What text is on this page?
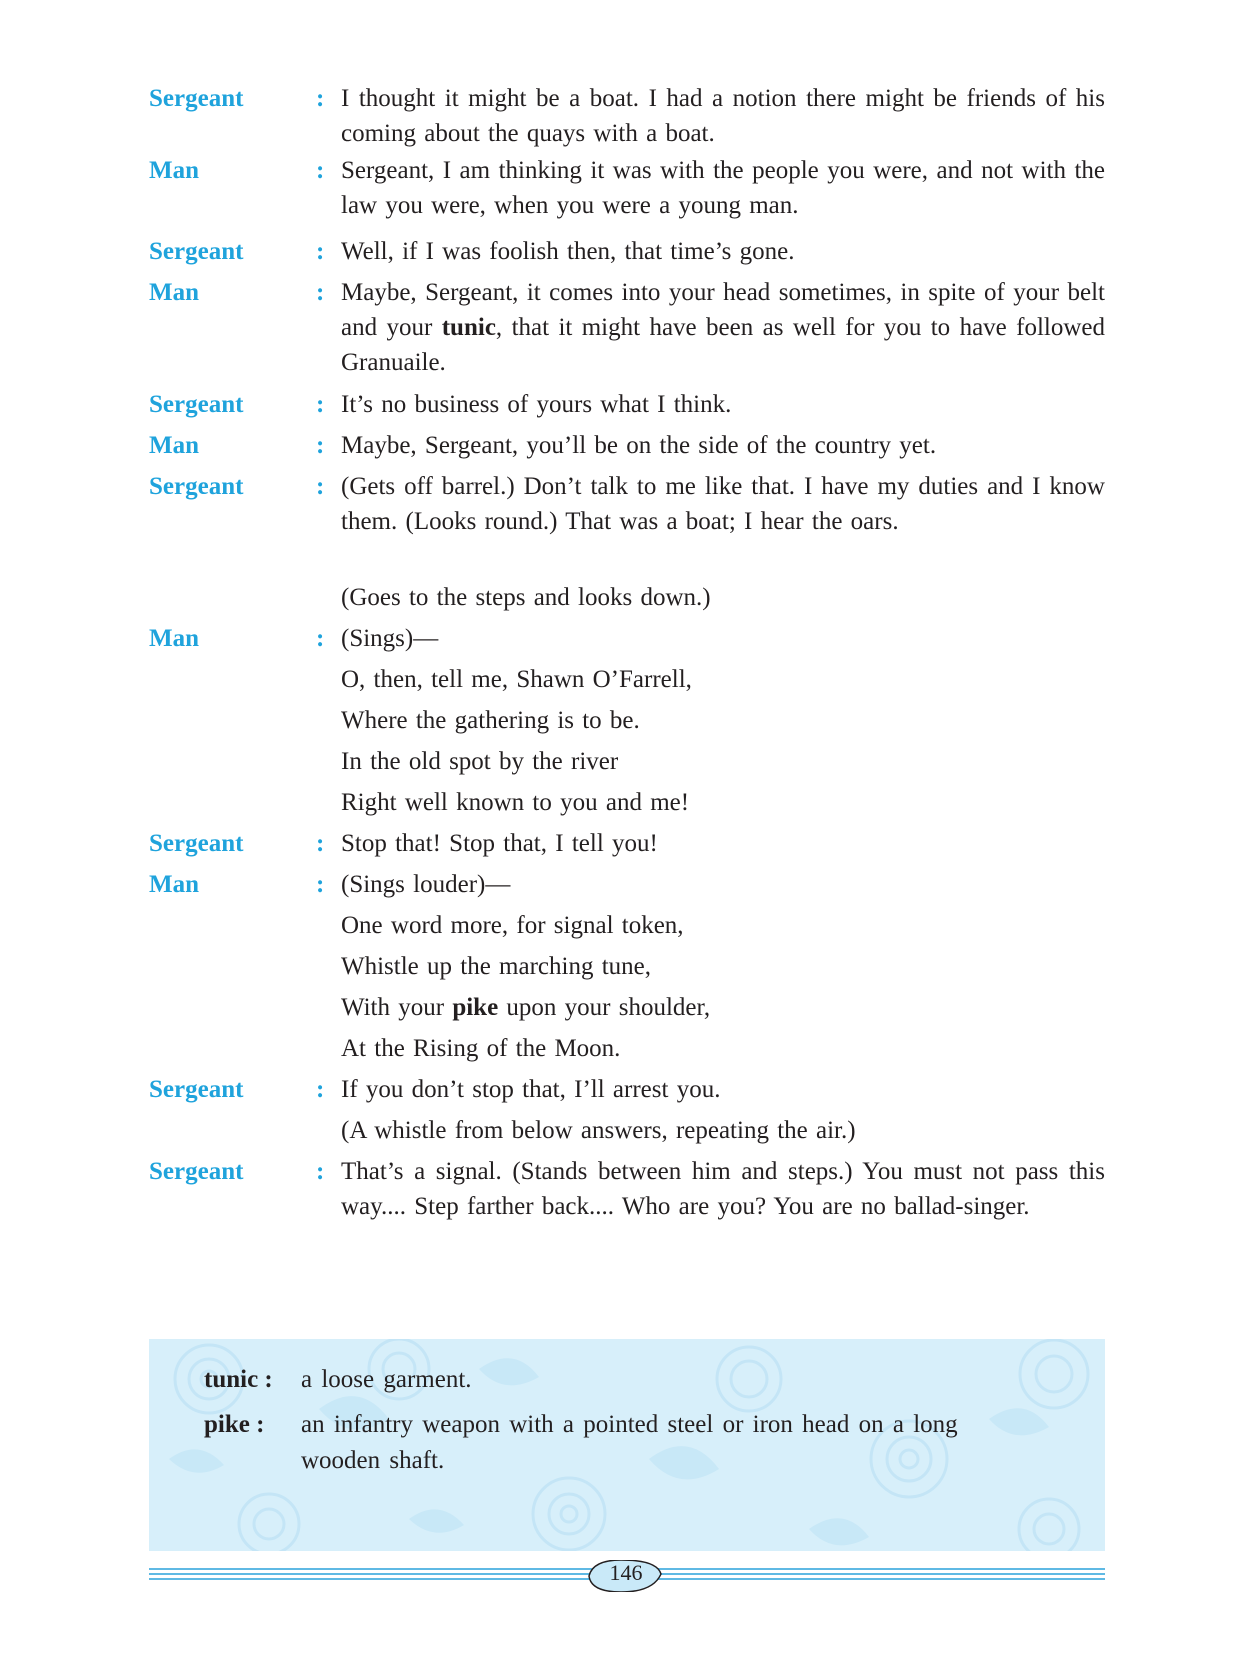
Sergeant	: I thought it might be a boat. I had a notion there might be friends of his coming about the quays with a boat.
Man	: Sergeant, I am thinking it was with the people you were, and not with the law you were, when you were a young man.
Sergeant	: Well, if I was foolish then, that time’s gone.
Man	: Maybe, Sergeant, it comes into your head sometimes, in spite of your belt and your tunic, that it might have been as well for you to have followed Granuaile.
Sergeant	: It’s no business of yours what I think.
Man	: Maybe, Sergeant, you’ll be on the side of the country yet.
Sergeant	: (Gets off barrel.) Don’t talk to me like that. I have my duties and I know them. (Looks round.) That was a boat; I hear the oars.
(Goes to the steps and looks down.)
Man	: (Sings)—
O, then, tell me, Shawn O’Farrell,
Where the gathering is to be.
In the old spot by the river
Right well known to you and me!
Sergeant	: Stop that! Stop that, I tell you!
Man	: (Sings louder)—
One word more, for signal token,
Whistle up the marching tune,
With your pike upon your shoulder,
At the Rising of the Moon.
Sergeant	: If you don’t stop that, I’ll arrest you.
(A whistle from below answers, repeating the air.)
Sergeant	: That’s a signal. (Stands between him and steps.) You must not pass this way.... Step farther back.... Who are you? You are no ballad-singer.
tunic : a loose garment.
pike : an infantry weapon with a pointed steel or iron head on a long wooden shaft.
146
